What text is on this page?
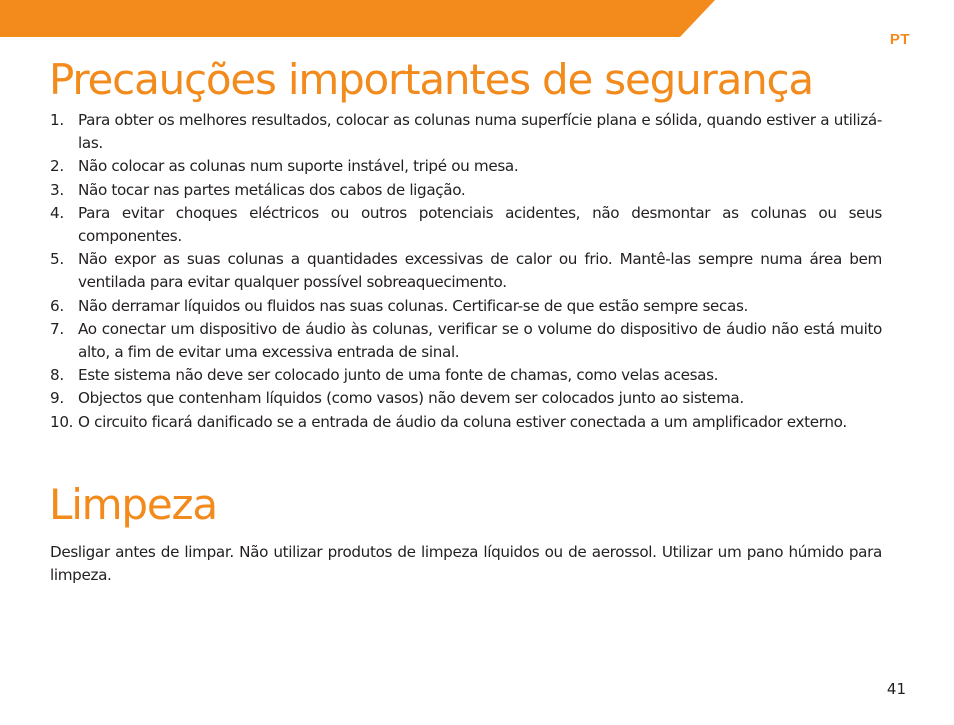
PT
Precauções importantes de segurança
1. Para obter os melhores resultados, colocar as colunas numa superfície plana e sólida, quando estiver a utilizá-las.
2. Não colocar as colunas num suporte instável, tripé ou mesa.
3. Não tocar nas partes metálicas dos cabos de ligação.
4. Para evitar choques eléctricos ou outros potenciais acidentes, não desmontar as colunas ou seus componentes.
5. Não expor as suas colunas a quantidades excessivas de calor ou frio. Mantê-las sempre numa área bem ventilada para evitar qualquer possível sobreaquecimento.
6. Não derramar líquidos ou fluidos nas suas colunas. Certificar-se de que estão sempre secas.
7. Ao conectar um dispositivo de áudio às colunas, verificar se o volume do dispositivo de áudio não está muito alto, a fim de evitar uma excessiva entrada de sinal.
8. Este sistema não deve ser colocado junto de uma fonte de chamas, como velas acesas.
9. Objectos que contenham líquidos (como vasos) não devem ser colocados junto ao sistema.
10. O circuito ficará danificado se a entrada de áudio da coluna estiver conectada a um amplificador externo.
Limpeza

Desligar antes de limpar. Não utilizar produtos de limpeza líquidos ou de aerossol. Utilizar um pano húmido para limpeza.

41
